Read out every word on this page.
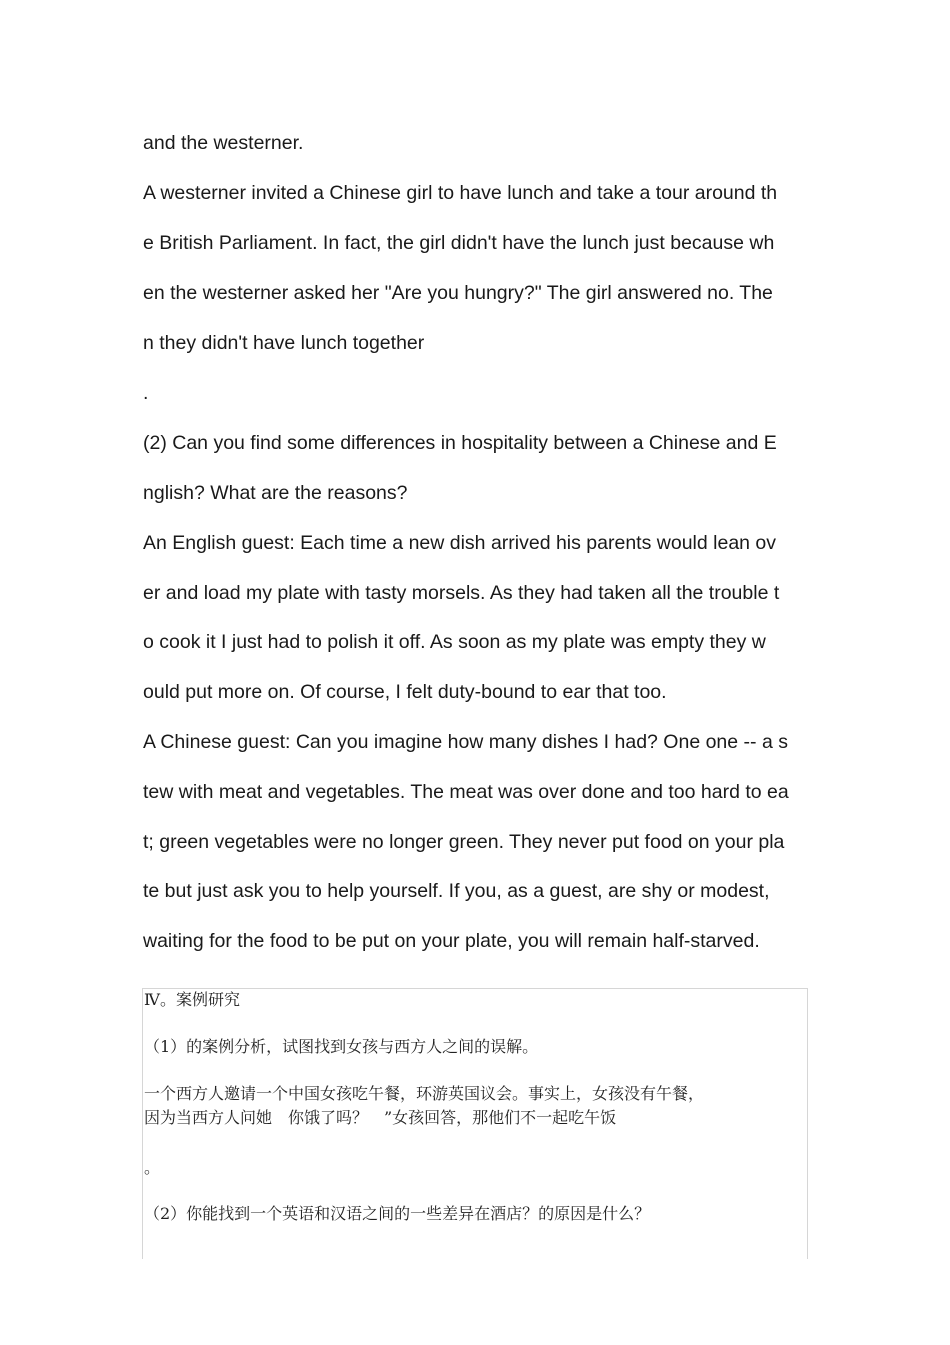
and the westerner.
A westerner invited a Chinese girl to have lunch and take a tour around th
e British Parliament. In fact, the girl didn't have the lunch just because wh
en the westerner asked her "Are you hungry?" The girl answered no. The
n they didn't have lunch together
.
(2) Can you find some differences in hospitality between a Chinese and E
nglish? What are the reasons?
An English guest: Each time a new dish arrived his parents would lean ov
er and load my plate with tasty morsels. As they had taken all the trouble t
o cook it I just had to polish it off. As soon as my plate was empty they w
ould put more on. Of course, I felt duty-bound to ear that too.
A Chinese guest: Can you imagine how many dishes I had? One one -- a s
tew with meat and vegetables. The meat was over done and too hard to ea
t; green vegetables were no longer green. They never put food on your pla
te but just ask you to help yourself. If you, as a guest, are shy or modest,
waiting for the food to be put on your plate, you will remain half-starved.
Ⅳ。案例研究
（1）的案例分析，试图找到女孩与西方人之间的误解。
一个西方人邀请一个中国女孩吃午餐，环游英国议会。事实上，女孩没有午餐，
因为当西方人问她　你饿了吗？　”女孩回答，那他们不一起吃午饭
。
（2）你能找到一个英语和汉语之间的一些差异在酒店？的原因是什么？
